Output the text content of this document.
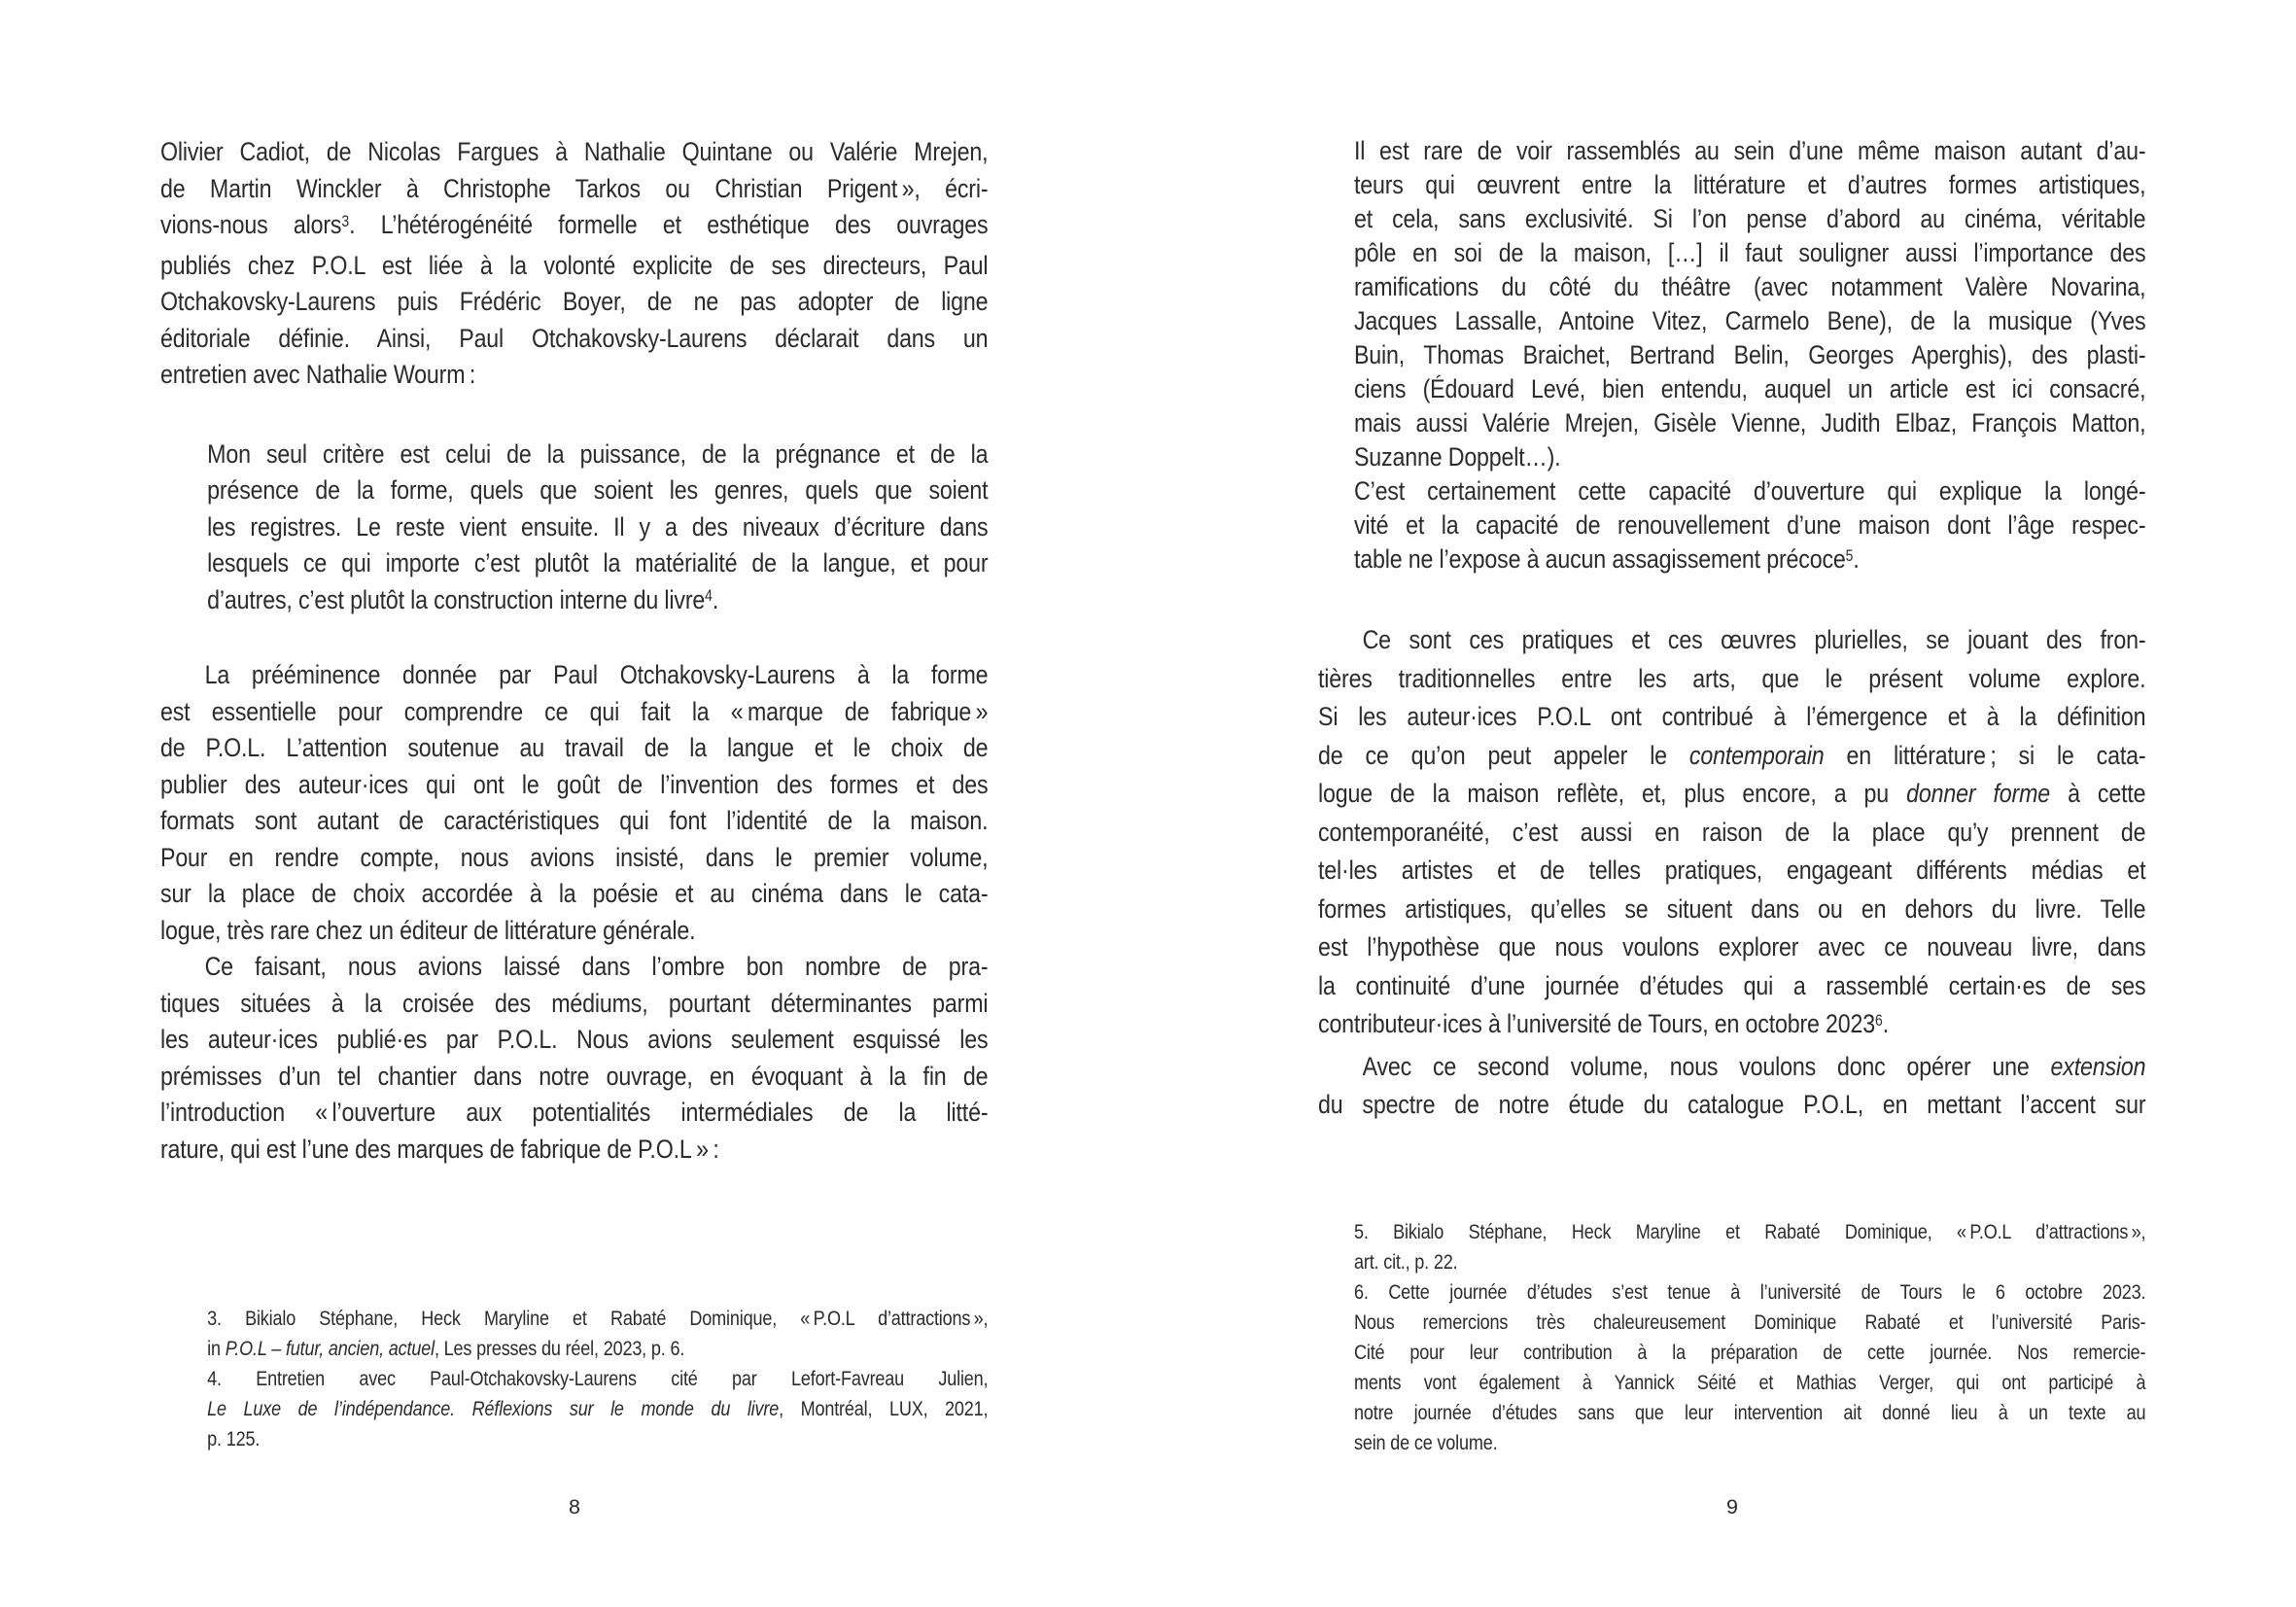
Olivier Cadiot, de Nicolas Fargues à Nathalie Quintane ou Valérie Mrejen,
de Martin Winckler à Christophe Tarkos ou Christian Prigent », écri-
vions-nous alors$^3$. L’hétérogénéité formelle et esthétique des ouvrages
publiés chez P.O.L est liée à la volonté explicite de ses directeurs, Paul
Otchakovsky-Laurens puis Frédéric Boyer, de ne pas adopter de ligne
éditoriale définie. Ainsi, Paul Otchakovsky-Laurens déclarait dans un
entretien avec Nathalie Wourm :
Mon seul critère est celui de la puissance, de la prégnance et de la
présence de la forme, quels que soient les genres, quels que soient
les registres. Le reste vient ensuite. Il y a des niveaux d’écriture dans
lesquels ce qui importe c’est plutôt la matérialité de la langue, et pour
d’autres, c’est plutôt la construction interne du livre$^4$.
La prééminence donnée par Paul Otchakovsky-Laurens à la forme
est essentielle pour comprendre ce qui fait la « marque de fabrique »
de P.O.L. L’attention soutenue au travail de la langue et le choix de
publier des auteur·ices qui ont le goût de l’invention des formes et des
formats sont autant de caractéristiques qui font l’identité de la maison.
Pour en rendre compte, nous avions insisté, dans le premier volume,
sur la place de choix accordée à la poésie et au cinéma dans le cata-
logue, très rare chez un éditeur de littérature générale.
Ce faisant, nous avions laissé dans l’ombre bon nombre de pra-
tiques situées à la croisée des médiums, pourtant déterminantes parmi
les auteur·ices publié·es par P.O.L. Nous avions seulement esquissé les
prémisses d’un tel chantier dans notre ouvrage, en évoquant à la fin de
l’introduction « l’ouverture aux potentialités intermédiales de la litté-
rature, qui est l’une des marques de fabrique de P.O.L » :
3. Bikialo Stéphane, Heck Maryline et Rabaté Dominique, « P.O.L d’attractions »,
in P.O.L – futur, ancien, actuel, Les presses du réel, 2023, p. 6.
4. Entretien avec Paul-Otchakovsky-Laurens cité par Lefort-Favreau Julien,
Le Luxe de l’indépendance. Réflexions sur le monde du livre, Montréal, LUX, 2021,
p. 125.
8
Il est rare de voir rassemblés au sein d’une même maison autant d’au-
teurs qui œuvrent entre la littérature et d’autres formes artistiques,
et cela, sans exclusivité. Si l’on pense d’abord au cinéma, véritable
pôle en soi de la maison, […] il faut souligner aussi l’importance des
ramifications du côté du théâtre (avec notamment Valère Novarina,
Jacques Lassalle, Antoine Vitez, Carmelo Bene), de la musique (Yves
Buin, Thomas Braichet, Bertrand Belin, Georges Aperghis), des plasti-
ciens (Édouard Levé, bien entendu, auquel un article est ici consacré,
mais aussi Valérie Mrejen, Gisèle Vienne, Judith Elbaz, François Matton,
Suzanne Doppelt…).
C’est certainement cette capacité d’ouverture qui explique la longé-
vité et la capacité de renouvellement d’une maison dont l’âge respec-
table ne l’expose à aucun assagissement précoce$^5$.
Ce sont ces pratiques et ces œuvres plurielles, se jouant des fron-
tières traditionnelles entre les arts, que le présent volume explore.
Si les auteur·ices P.O.L ont contribué à l’émergence et à la définition
de ce qu’on peut appeler le contemporain en littérature ; si le cata-
logue de la maison reflète, et, plus encore, a pu donner forme à cette
contemporanéité, c’est aussi en raison de la place qu’y prennent de
tel·les artistes et de telles pratiques, engageant différents médias et
formes artistiques, qu’elles se situent dans ou en dehors du livre. Telle
est l’hypothèse que nous voulons explorer avec ce nouveau livre, dans
la continuité d’une journée d’études qui a rassemblé certain·es de ses
contributeur·ices à l’université de Tours, en octobre 2023$^6$.
Avec ce second volume, nous voulons donc opérer une extension
du spectre de notre étude du catalogue P.O.L, en mettant l’accent sur
5. Bikialo Stéphane, Heck Maryline et Rabaté Dominique, « P.O.L d’attractions »,
art. cit., p. 22.
6. Cette journée d’études s’est tenue à l’université de Tours le 6 octobre 2023.
Nous remercions très chaleureusement Dominique Rabaté et l’université Paris-
Cité pour leur contribution à la préparation de cette journée. Nos remercie-
ments vont également à Yannick Séité et Mathias Verger, qui ont participé à
notre journée d’études sans que leur intervention ait donné lieu à un texte au
sein de ce volume.
9
